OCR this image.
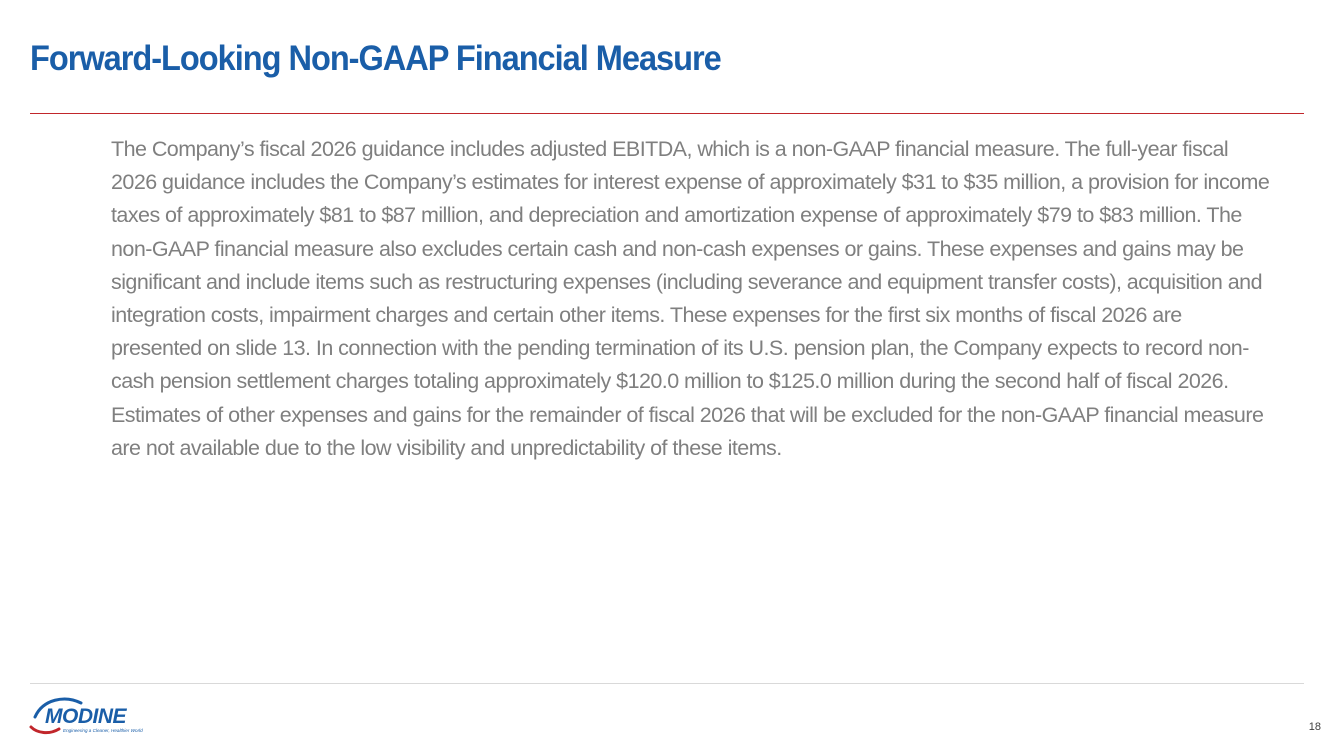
Forward-Looking Non-GAAP Financial Measure

The Company’s fiscal 2026 guidance includes adjusted EBITDA, which is a non-GAAP financial measure. The full-year fiscal 2026 guidance includes the Company’s estimates for interest expense of approximately $31 to $35 million, a provision for income taxes of approximately $81 to $87 million, and depreciation and amortization expense of approximately $79 to $83 million. The non-GAAP financial measure also excludes certain cash and non-cash expenses or gains. These expenses and gains may be significant and include items such as restructuring expenses (including severance and equipment transfer costs), acquisition and integration costs, impairment charges and certain other items. These expenses for the first six months of fiscal 2026 are presented on slide 13. In connection with the pending termination of its U.S. pension plan, the Company expects to record non-cash pension settlement charges totaling approximately $120.0 million to $125.0 million during the second half of fiscal 2026. Estimates of other expenses and gains for the remainder of fiscal 2026 that will be excluded for the non-GAAP financial measure are not available due to the low visibility and unpredictability of these items.

MODINE
Engineering a Cleaner, Healthier World	18
